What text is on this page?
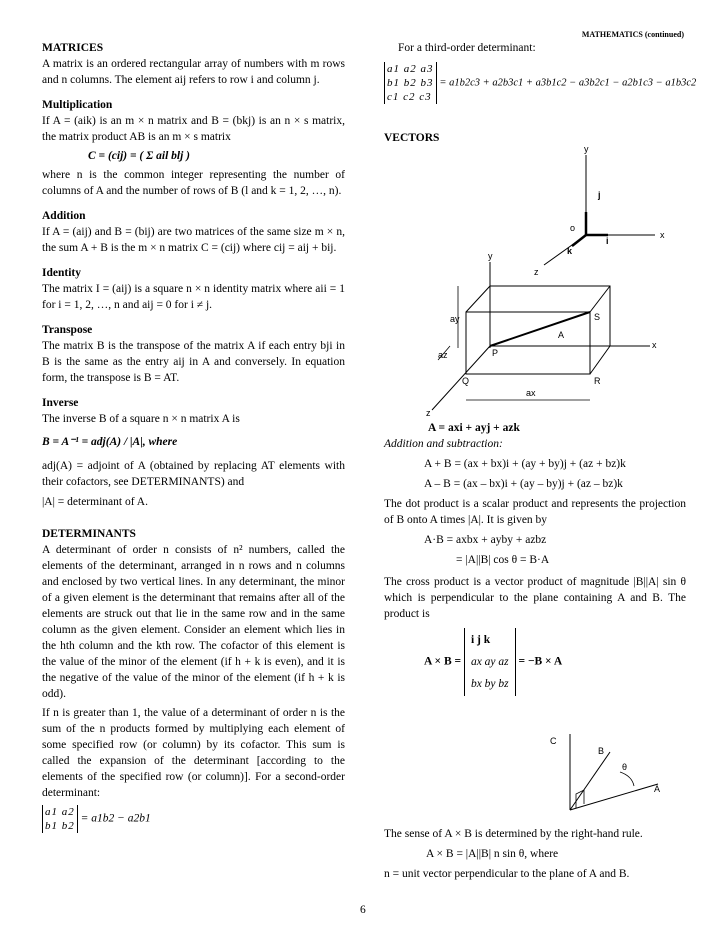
MATHEMATICS (continued)
MATRICES

A matrix is an ordered rectangular array of numbers with m rows and n columns. The element aij refers to row i and column j.

Multiplication

If A = (aik) is an m × n matrix and B = (bkj) is an n × s matrix, the matrix product AB is an m × s matrix

C = (cij) = ( Σ ail blj )

where n is the common integer representing the number of columns of A and the number of rows of B (l and k = 1, 2, …, n).

Addition

If A = (aij) and B = (bij) are two matrices of the same size m × n, the sum A + B is the m × n matrix C = (cij) where cij = aij + bij.

Identity

The matrix I = (aij) is a square n × n identity matrix where aii = 1 for i = 1, 2, …, n and aij = 0 for i ≠ j.

Transpose

The matrix B is the transpose of the matrix A if each entry bji in B is the same as the entry aij in A and conversely. In equation form, the transpose is B = AT.

Inverse

The inverse B of a square n × n matrix A is

B = A⁻¹ = adj(A) / |A|, where

adj(A) = adjoint of A (obtained by replacing AT elements with their cofactors, see DETERMINANTS) and

|A| = determinant of A.

DETERMINANTS

A determinant of order n consists of n² numbers, called the elements of the determinant, arranged in n rows and n columns and enclosed by two vertical lines. In any determinant, the minor of a given element is the determinant that remains after all of the elements are struck out that lie in the same row and in the same column as the given element. Consider an element which lies in the hth column and the kth row. The cofactor of this element is the value of the minor of the element (if h + k is even), and it is the negative of the value of the minor of the element (if h + k is odd).

If n is greater than 1, the value of a determinant of order n is the sum of the n products formed by multiplying each element of some specified row (or column) by its cofactor. This sum is called the expansion of the determinant [according to the elements of the specified row (or column)]. For a second-order determinant:

a1 a2
b1 b2
= a1b2 − a2b1

For a third-order determinant:

a1 a2 a3
b1 b2 b3
c1 c2 c3
= a1b2c3 + a2b3c1 + a3b1c2 − a3b2c1 − a2b1c3 − a1b3c2
VECTORS
y
j
o
i
x
k
z
y
ay	S
A
x
P
az
Q	R
ax
z
A = axi + ayj + azk
Addition and subtraction:
A + B = (ax + bx)i + (ay + by)j + (az + bz)k
A – B = (ax – bx)i + (ay – by)j + (az – bz)k

The dot product is a scalar product and represents the projection of B onto A times |A|. It is given by

A·B = axbx + ayby + azbz
= |A||B| cos θ = B·A

The cross product is a vector product of magnitude |B||A| sin θ which is perpendicular to the plane containing A and B. The product is

A × B =
i j k
ax ay az
bx by bz
= −B × A
C
B
θ
A

The sense of A × B is determined by the right-hand rule.

A × B = |A||B| n sin θ, where

n = unit vector perpendicular to the plane of A and B.

6
